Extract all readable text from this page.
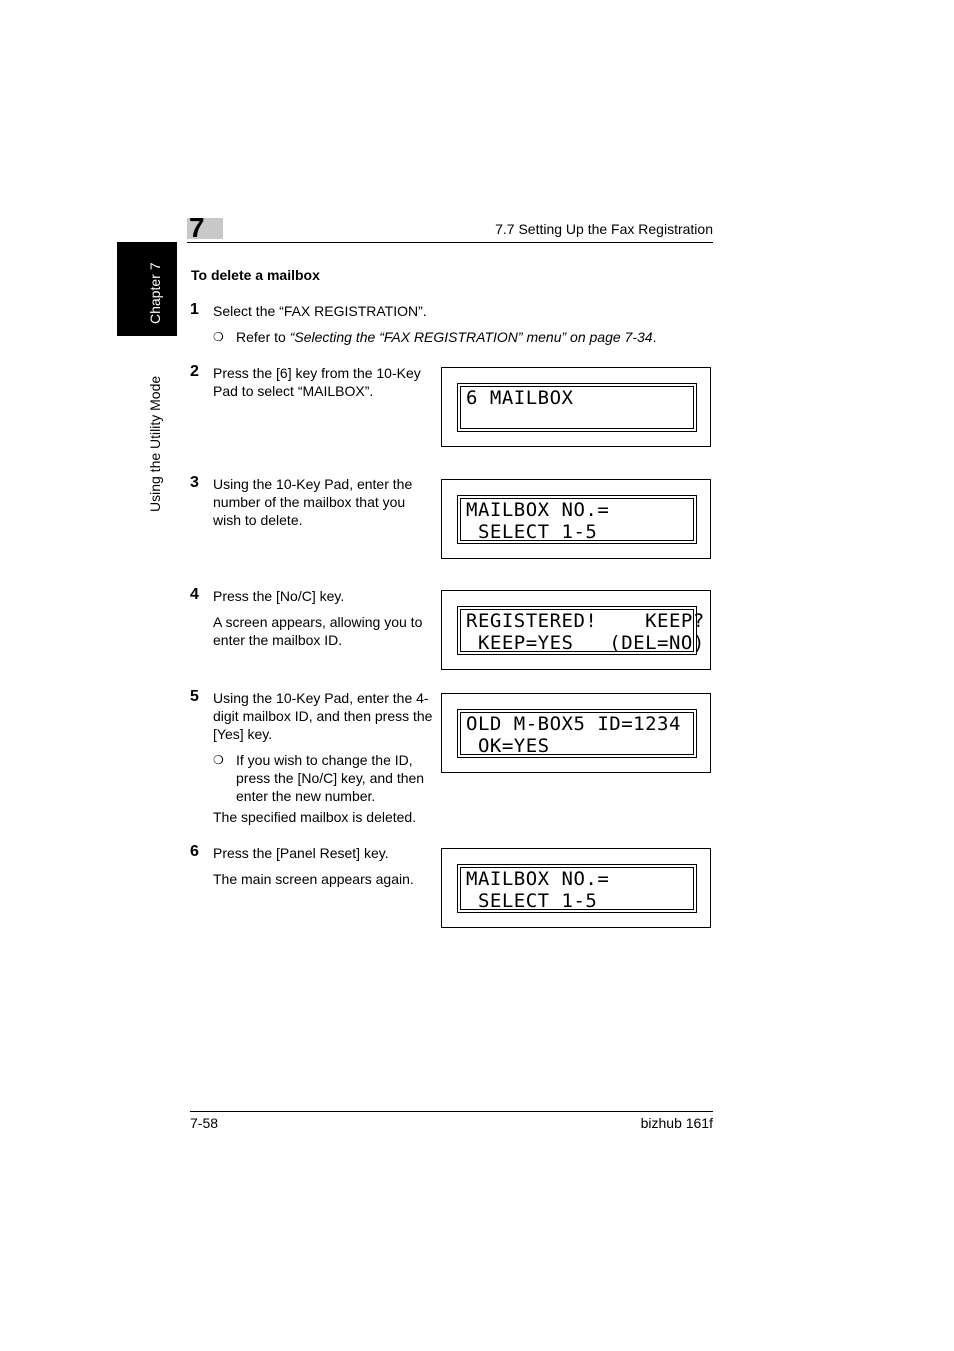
7	7.7 Setting Up the Fax Registration
Chapter 7
Using the Utility Mode
To delete a mailbox
1 Select the “FAX REGISTRATION”.
❍ Refer to “Selecting the “FAX REGISTRATION” menu” on page 7-34.
2 Press the [6] key from the 10-Key Pad to select “MAILBOX”.	6 MAILBOX
3 Using the 10-Key Pad, enter the number of the mailbox that you wish to delete.	MAILBOX NO.=
SELECT 1-5
4 Press the [No/C] key.
A screen appears, allowing you to enter the mailbox ID.
REGISTERED!    KEEP?
KEEP=YES   (DEL=NO)
5 Using the 10-Key Pad, enter the 4-digit mailbox ID, and then press the [Yes] key.
❍ If you wish to change the ID, press the [No/C] key, and then enter the new number.
The specified mailbox is deleted.
OLD M-BOX5 ID=1234
OK=YES
6 Press the [Panel Reset] key.
The main screen appears again.	MAILBOX NO.=
SELECT 1-5
7-58	bizhub 161f
